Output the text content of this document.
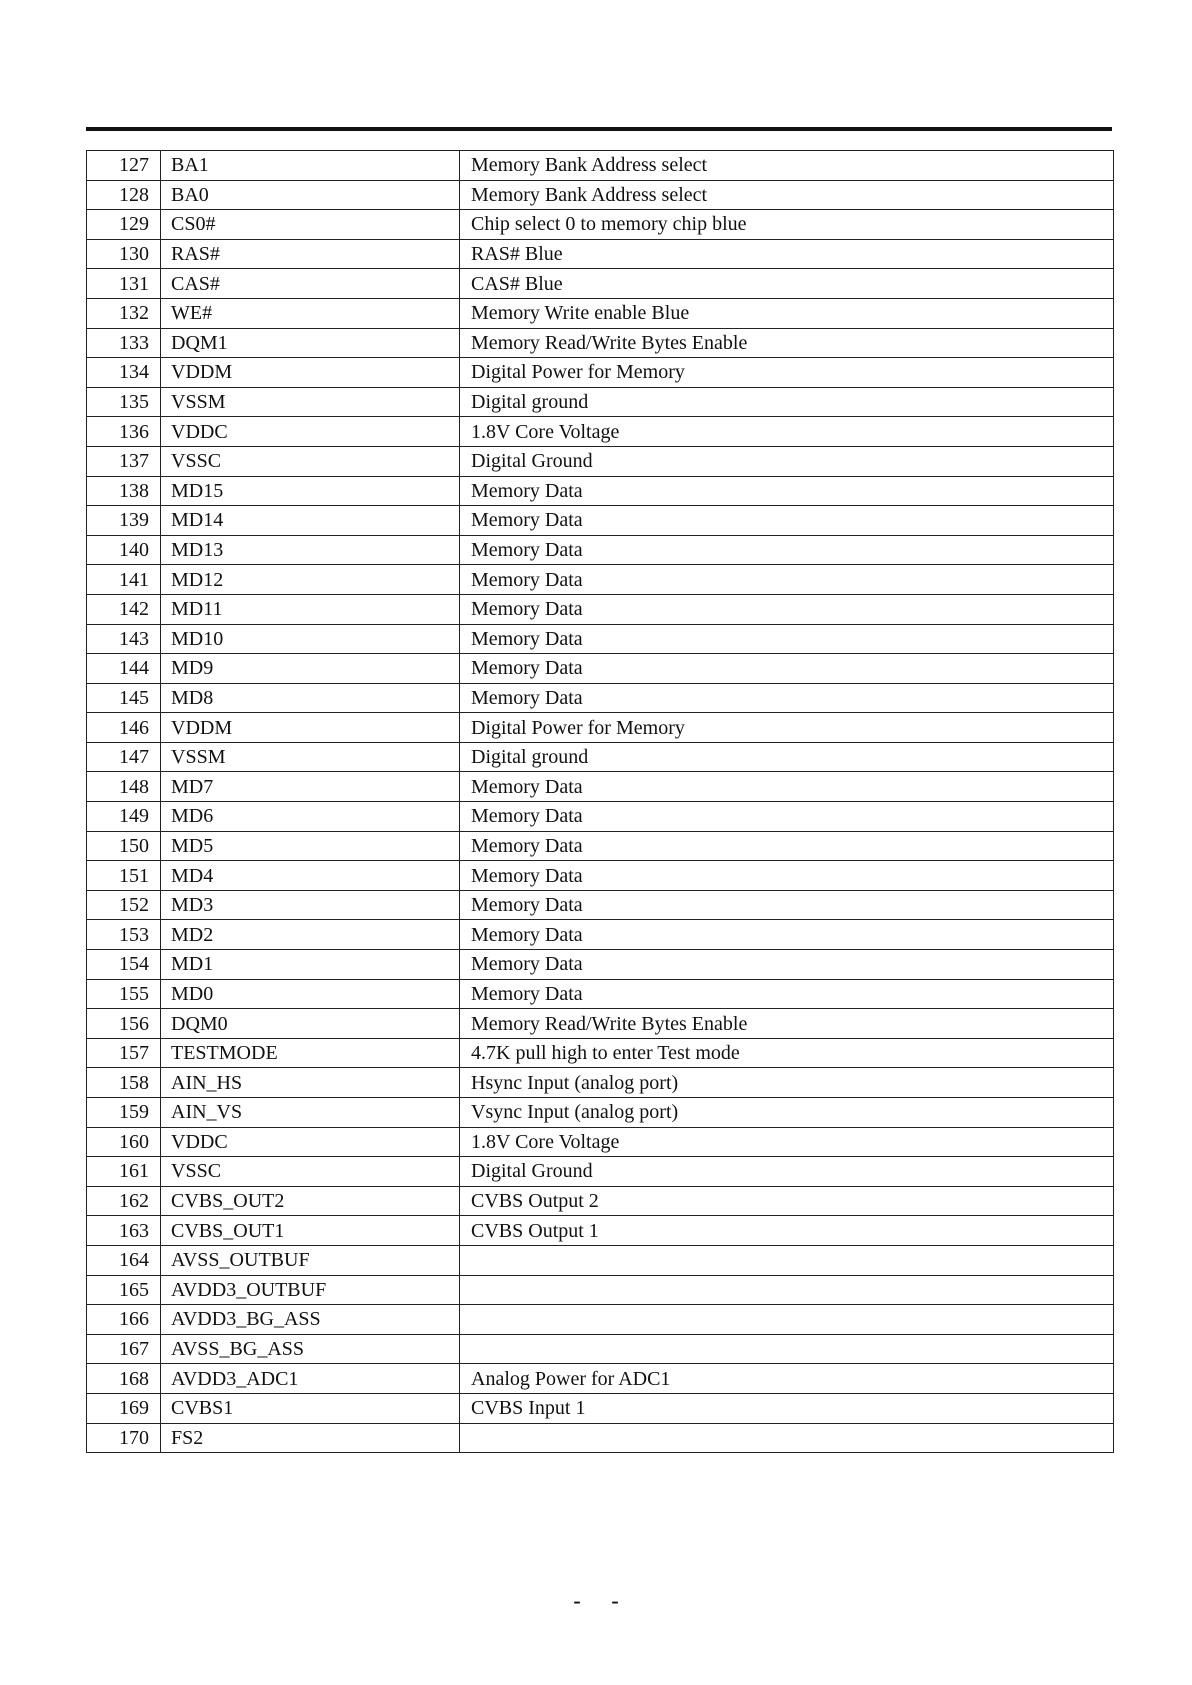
127	BA1	Memory Bank Address select
128	BA0	Memory Bank Address select
129	CS0#	Chip select 0 to memory chip blue
130	RAS#	RAS# Blue
131	CAS#	CAS# Blue
132	WE#	Memory Write enable Blue
133	DQM1	Memory Read/Write Bytes Enable
134	VDDM	Digital Power for Memory
135	VSSM	Digital ground
136	VDDC	1.8V Core Voltage
137	VSSC	Digital Ground
138	MD15	Memory Data
139	MD14	Memory Data
140	MD13	Memory Data
141	MD12	Memory Data
142	MD11	Memory Data
143	MD10	Memory Data
144	MD9	Memory Data
145	MD8	Memory Data
146	VDDM	Digital Power for Memory
147	VSSM	Digital ground
148	MD7	Memory Data
149	MD6	Memory Data
150	MD5	Memory Data
151	MD4	Memory Data
152	MD3	Memory Data
153	MD2	Memory Data
154	MD1	Memory Data
155	MD0	Memory Data
156	DQM0	Memory Read/Write Bytes Enable
157	TESTMODE	4.7K pull high to enter Test mode
158	AIN_HS	Hsync Input (analog port)
159	AIN_VS	Vsync Input (analog port)
160	VDDC	1.8V Core Voltage
161	VSSC	Digital Ground
162	CVBS_OUT2	CVBS Output 2
163	CVBS_OUT1	CVBS Output 1
164	AVSS_OUTBUF	
165	AVDD3_OUTBUF	
166	AVDD3_BG_ASS	
167	AVSS_BG_ASS	
168	AVDD3_ADC1	Analog Power for ADC1
169	CVBS1	CVBS Input 1
170	FS2	
- -
